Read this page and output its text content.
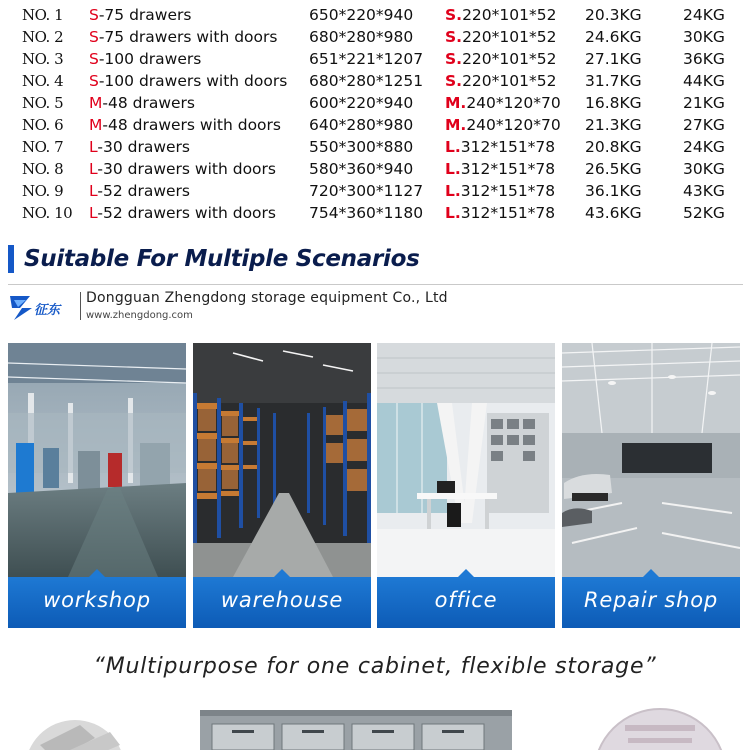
NO. 1 S-75 drawers	650*220*940 S.220*101*52 20.3KG	24KG
NO. 2 S-75 drawers with doors 680*280*980 S.220*101*52 24.6KG	30KG
NO. 3 S-100 drawers	651*221*1207 S.220*101*52 27.1KG	36KG
NO. 4 S-100 drawers with doors 680*280*1251 S.220*101*52 31.7KG	44KG
NO. 5 M-48 drawers	600*220*940 M.240*120*70 16.8KG	21KG
NO. 6 M-48 drawers with doors 640*280*980 M.240*120*70 21.3KG	27KG
NO. 7 L-30 drawers	550*300*880 L.312*151*78 20.8KG	24KG
NO. 8 L-30 drawers with doors 580*360*940 L.312*151*78 26.5KG	30KG
NO. 9 L-52 drawers	720*300*1127 L.312*151*78 36.1KG	43KG
NO. 10 L-52 drawers with doors 754*360*1180 L.312*151*78 43.6KG	52KG
Suitable For Multiple Scenarios
征东
Dongguan Zhengdong storage equipment Co., Ltd
www.zhengdong.com
workshop	warehouse	office	Repair shop
“Multipurpose for one cabinet, flexible storage”
